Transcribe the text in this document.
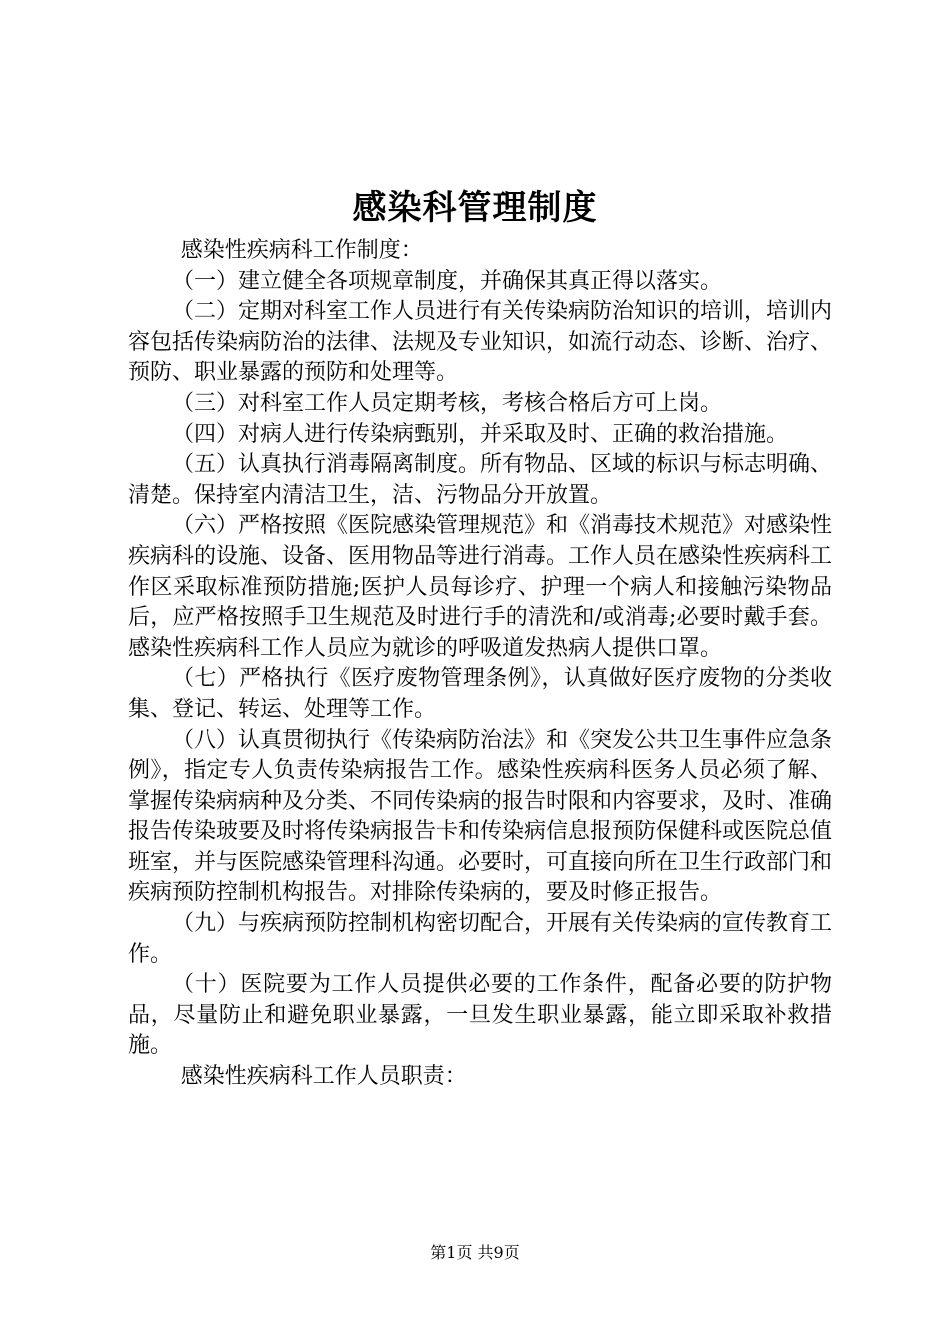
感染科管理制度

感染性疾病科工作制度：

（一）建立健全各项规章制度，并确保其真正得以落实。

（二）定期对科室工作人员进行有关传染病防治知识的培训，培训内容包括传染病防治的法律、法规及专业知识，如流行动态、诊断、治疗、预防、职业暴露的预防和处理等。

（三）对科室工作人员定期考核，考核合格后方可上岗。

（四）对病人进行传染病甄别，并采取及时、正确的救治措施。

（五）认真执行消毒隔离制度。所有物品、区域的标识与标志明确、清楚。保持室内清洁卫生，洁、污物品分开放置。

（六）严格按照《医院感染管理规范》和《消毒技术规范》对感染性疾病科的设施、设备、医用物品等进行消毒。工作人员在感染性疾病科工作区采取标准预防措施;医护人员每诊疗、护理一个病人和接触污染物品后，应严格按照手卫生规范及时进行手的清洗和/或消毒;必要时戴手套。感染性疾病科工作人员应为就诊的呼吸道发热病人提供口罩。

（七）严格执行《医疗废物管理条例》，认真做好医疗废物的分类收集、登记、转运、处理等工作。

（八）认真贯彻执行《传染病防治法》和《突发公共卫生事件应急条例》，指定专人负责传染病报告工作。感染性疾病科医务人员必须了解、掌握传染病病种及分类、不同传染病的报告时限和内容要求，及时、准确报告传染玻要及时将传染病报告卡和传染病信息报预防保健科或医院总值班室，并与医院感染管理科沟通。必要时，可直接向所在卫生行政部门和疾病预防控制机构报告。对排除传染病的，要及时修正报告。

（九）与疾病预防控制机构密切配合，开展有关传染病的宣传教育工作。

（十）医院要为工作人员提供必要的工作条件，配备必要的防护物品，尽量防止和避免职业暴露，一旦发生职业暴露，能立即采取补救措施。

感染性疾病科工作人员职责：

第1页 共9页
